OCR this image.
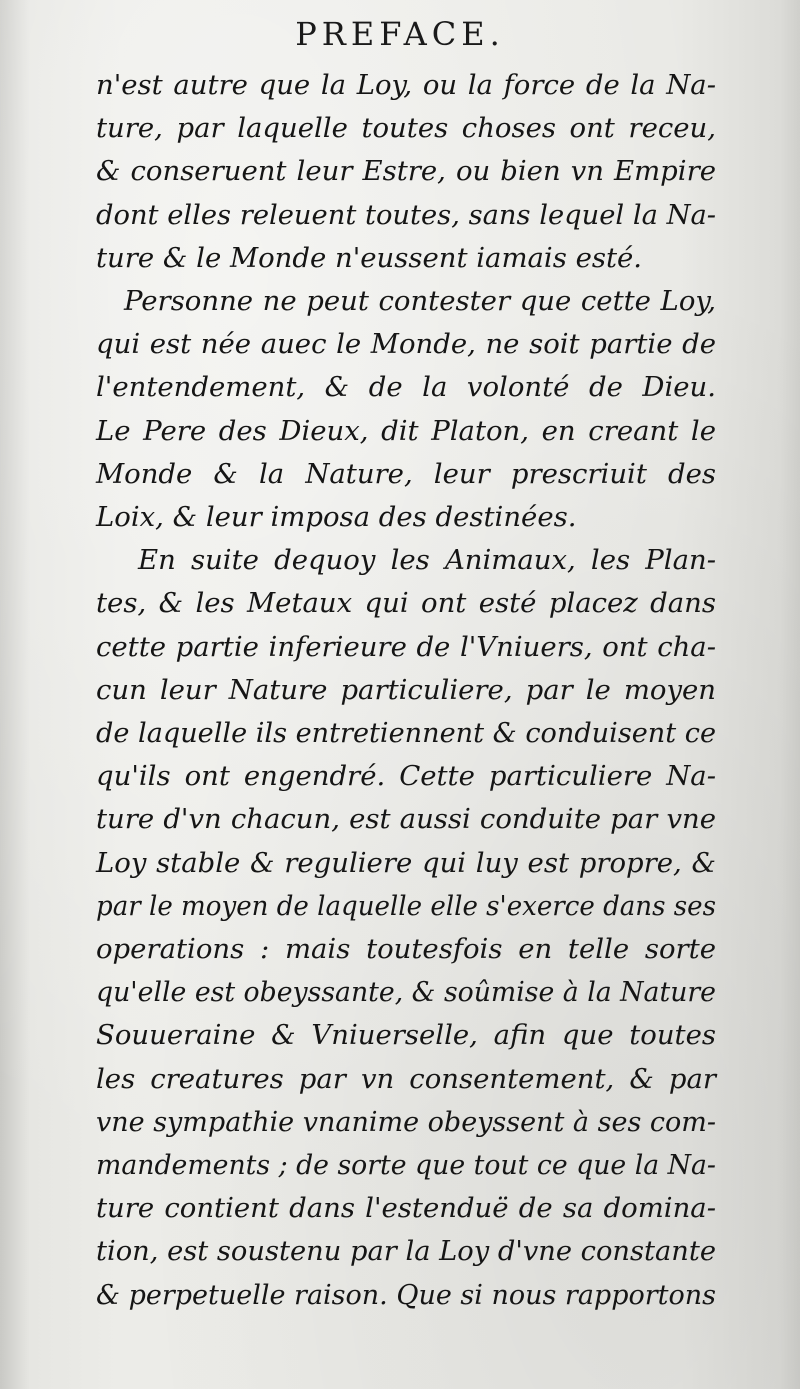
PREFACE.
n'est autre que la Loy, ou la force de la Na-
ture, par laquelle toutes choses ont receu,
& conseruent leur Estre, ou bien vn Empire
dont elles releuent toutes, sans lequel la Na-
ture & le Monde n'eussent iamais esté.
Personne ne peut contester que cette Loy,
qui est née auec le Monde, ne soit partie de
l'entendement, & de la volonté de Dieu.
Le Pere des Dieux, dit Platon, en creant le
Monde & la Nature, leur prescriuit des
Loix, & leur imposa des destinées.
En suite dequoy les Animaux, les Plan-
tes, & les Metaux qui ont esté placez dans
cette partie inferieure de l'Vniuers, ont cha-
cun leur Nature particuliere, par le moyen
de laquelle ils entretiennent & conduisent ce
qu'ils ont engendré. Cette particuliere Na-
ture d'vn chacun, est aussi conduite par vne
Loy stable & reguliere qui luy est propre, &
par le moyen de laquelle elle s'exerce dans ses
operations : mais toutesfois en telle sorte
qu'elle est obeyssante, & soûmise à la Nature
Souueraine & Vniuerselle, afin que toutes
les creatures par vn consentement, & par
vne sympathie vnanime obeyssent à ses com-
mandements ; de sorte que tout ce que la Na-
ture contient dans l'estenduë de sa domina-
tion, est soustenu par la Loy d'vne constante
& perpetuelle raison. Que si nous rapportons
